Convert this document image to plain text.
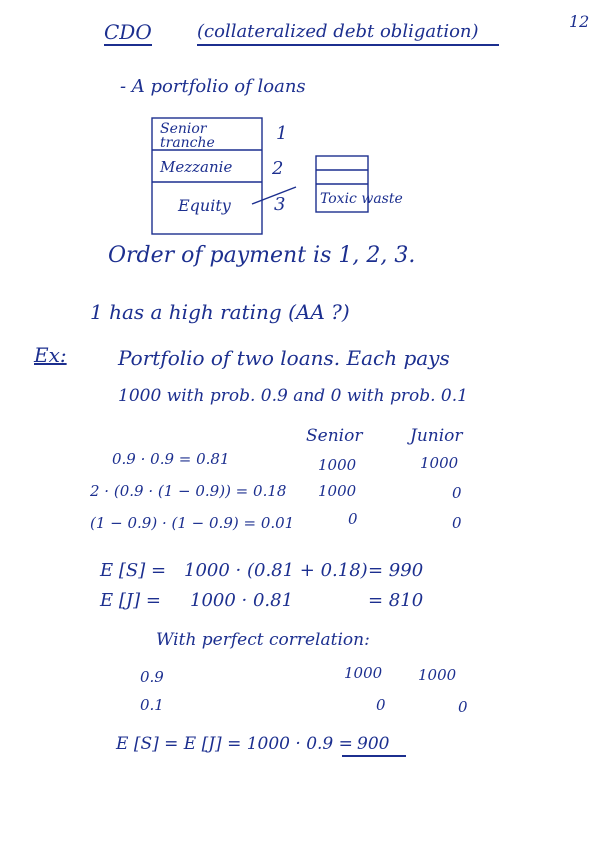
12
CDO	(collateralized debt obligation)
- A portfolio of loans
Senior tranche	1
Mezzanie 2
Equity 3 Toxic waste
Order of payment is 1, 2, 3.
1 has a high rating (AA ?)
Ex:	Portfolio of two loans. Each pays
1000 with prob. 0.9 and 0 with prob. 0.1
Senior	Junior
0.9 · 0.9 = 0.81	1000	1000
2 · (0.9 · (1 − 0.9)) = 0.18 1000	0
(1 − 0.9) · (1 − 0.9) = 0.01	0	0
E [S] = 1000 · (0.81 + 0.18) = 990
E [J] = 1000 · 0.81	= 810
With perfect correlation:
0.9	1000 1000
0.1	0	0
E [S] = E [J] = 1000 · 0.9 = 900
